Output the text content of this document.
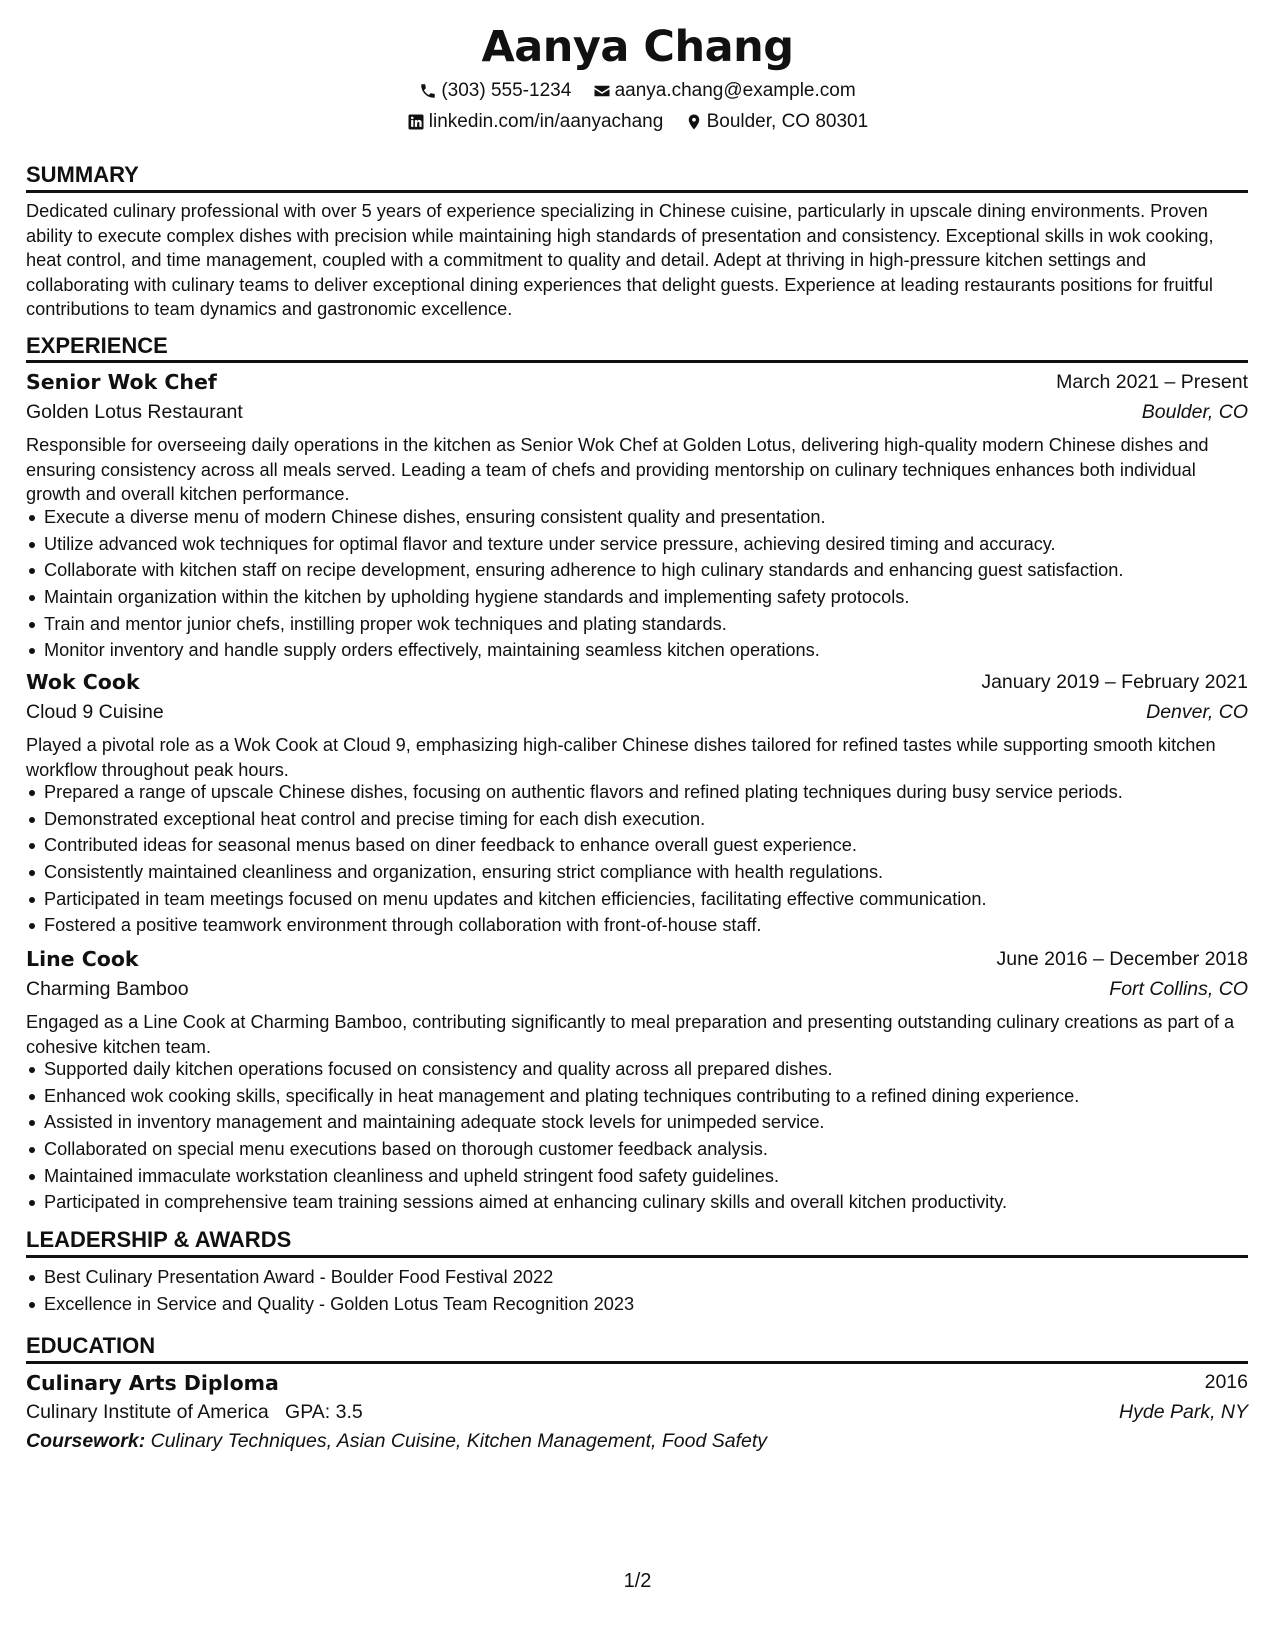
Aanya Chang
(303) 555-1234
aanya.chang@example.com
linkedin.com/in/aanyachang
Boulder, CO 80301
SUMMARY
Dedicated culinary professional with over 5 years of experience specializing in Chinese cuisine, particularly in upscale dining environments. Proven ability to execute complex dishes with precision while maintaining high standards of presentation and consistency. Exceptional skills in wok cooking, heat control, and time management, coupled with a commitment to quality and detail. Adept at thriving in high-pressure kitchen settings and collaborating with culinary teams to deliver exceptional dining experiences that delight guests. Experience at leading restaurants positions for fruitful contributions to team dynamics and gastronomic excellence.
EXPERIENCE
Senior Wok Chef	March 2021 – Present
Golden Lotus Restaurant	Boulder, CO
Responsible for overseeing daily operations in the kitchen as Senior Wok Chef at Golden Lotus, delivering high-quality modern Chinese dishes and ensuring consistency across all meals served. Leading a team of chefs and providing mentorship on culinary techniques enhances both individual growth and overall kitchen performance.
Execute a diverse menu of modern Chinese dishes, ensuring consistent quality and presentation.
Utilize advanced wok techniques for optimal flavor and texture under service pressure, achieving desired timing and accuracy.
Collaborate with kitchen staff on recipe development, ensuring adherence to high culinary standards and enhancing guest satisfaction.
Maintain organization within the kitchen by upholding hygiene standards and implementing safety protocols.
Train and mentor junior chefs, instilling proper wok techniques and plating standards.
Monitor inventory and handle supply orders effectively, maintaining seamless kitchen operations.
Wok Cook	January 2019 – February 2021
Cloud 9 Cuisine	Denver, CO
Played a pivotal role as a Wok Cook at Cloud 9, emphasizing high-caliber Chinese dishes tailored for refined tastes while supporting smooth kitchen workflow throughout peak hours.
Prepared a range of upscale Chinese dishes, focusing on authentic flavors and refined plating techniques during busy service periods.
Demonstrated exceptional heat control and precise timing for each dish execution.
Contributed ideas for seasonal menus based on diner feedback to enhance overall guest experience.
Consistently maintained cleanliness and organization, ensuring strict compliance with health regulations.
Participated in team meetings focused on menu updates and kitchen efficiencies, facilitating effective communication.
Fostered a positive teamwork environment through collaboration with front-of-house staff.
Line Cook	June 2016 – December 2018
Charming Bamboo	Fort Collins, CO
Engaged as a Line Cook at Charming Bamboo, contributing significantly to meal preparation and presenting outstanding culinary creations as part of a cohesive kitchen team.
Supported daily kitchen operations focused on consistency and quality across all prepared dishes.
Enhanced wok cooking skills, specifically in heat management and plating techniques contributing to a refined dining experience.
Assisted in inventory management and maintaining adequate stock levels for unimpeded service.
Collaborated on special menu executions based on thorough customer feedback analysis.
Maintained immaculate workstation cleanliness and upheld stringent food safety guidelines.
Participated in comprehensive team training sessions aimed at enhancing culinary skills and overall kitchen productivity.
LEADERSHIP & AWARDS
Best Culinary Presentation Award - Boulder Food Festival 2022
Excellence in Service and Quality - Golden Lotus Team Recognition 2023
EDUCATION
Culinary Arts Diploma	2016
Culinary Institute of America GPA: 3.5	Hyde Park, NY
Coursework: Culinary Techniques, Asian Cuisine, Kitchen Management, Food Safety
1/2
